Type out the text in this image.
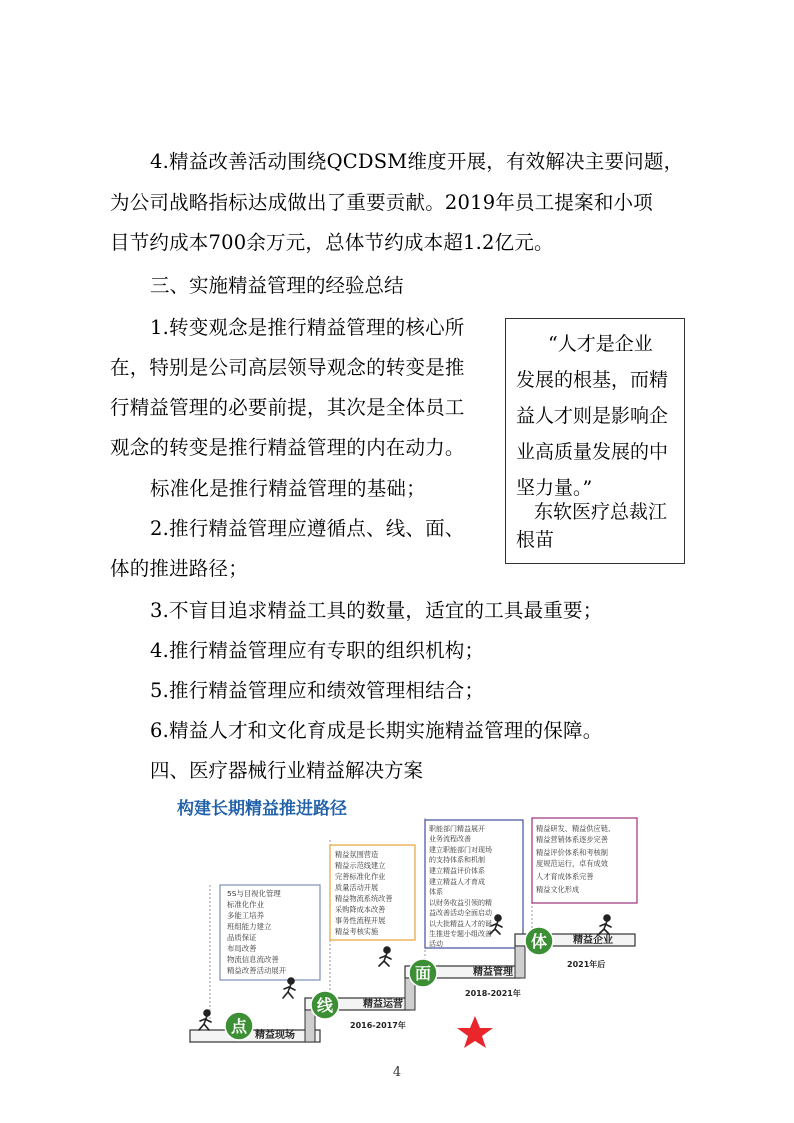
4.精益改善活动围绕QCDSM维度开展，有效解决主要问题，
为公司战略指标达成做出了重要贡献。2019年员工提案和小项
目节约成本700余万元，总体节约成本超1.2亿元。
三、实施精益管理的经验总结
1.转变观念是推行精益管理的核心所
在，特别是公司高层领导观念的转变是推
行精益管理的必要前提，其次是全体员工
观念的转变是推行精益管理的内在动力。
标准化是推行精益管理的基础；
2.推行精益管理应遵循点、线、面、
体的推进路径；
3.不盲目追求精益工具的数量，适宜的工具最重要；
4.推行精益管理应有专职的组织机构；
5.推行精益管理应和绩效管理相结合；
6.精益人才和文化育成是长期实施精益管理的保障。
四、医疗器械行业精益解决方案
“人才是企业
发展的根基，而精
益人才则是影响企
业高质量发展的中
坚力量。”
东软医疗总裁江
根苗
构建长期精益推进路径
5S与目视化管理
标准化作业
多能工培养
班组能力建立
品质保证
布局改善
物流信息流改善
精益改善活动展开
精益氛围营造
精益示范线建立
完善标准化作业
质量活动开展
精益物流系统改善
采购降成本改善
事务性流程开展
精益考核实施
职能部门精益展开
业务流程改善
建立职能部门对现场
的支持体系和机制
建立精益评价体系
建立精益人才育成
体系
以财务收益引领的精
益改善活动全面启动
以大批精益人才的诞
生推进专题小组改善
活动
精益研发、精益供应链、
精益营销体系逐步完善
精益评价体系和考核制
度规范运行，卓有成效
人才育成体系完善
精益文化形成
精益现场
精益运营
精益管理
精益企业
2016-2017年
2018-2021年
2021年后
点
线
面
体
4
